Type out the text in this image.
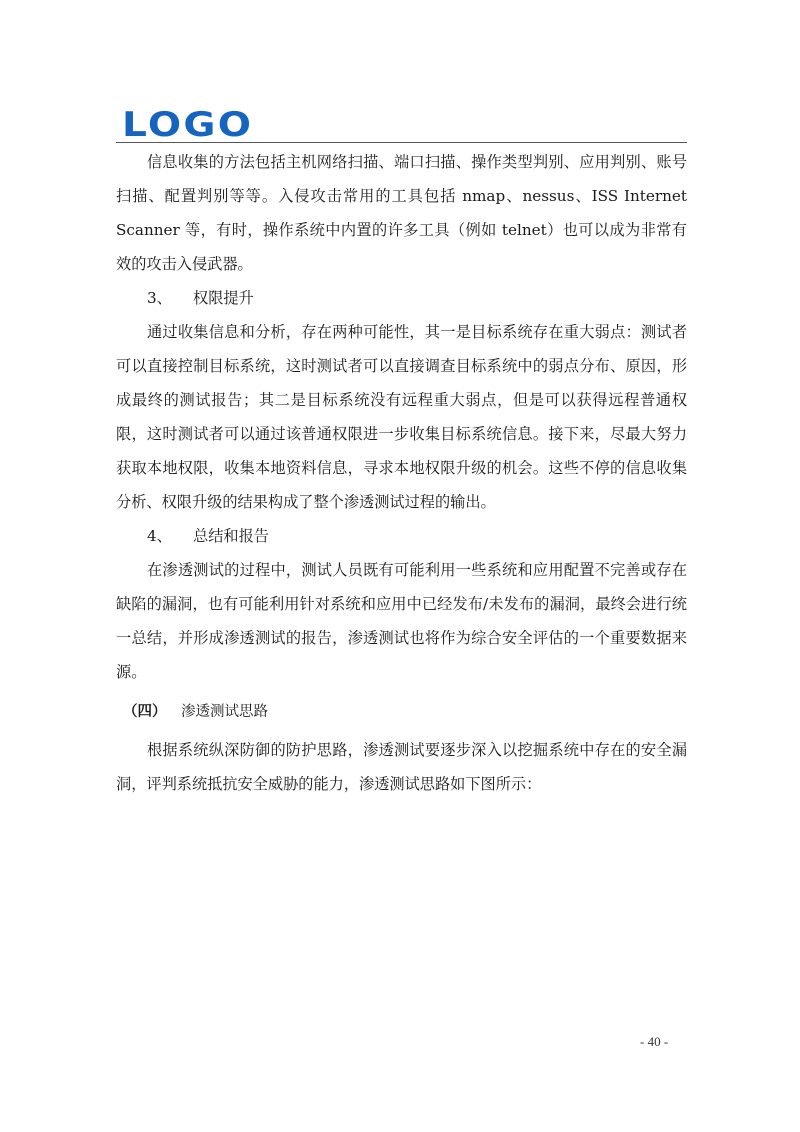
LOGO

信息收集的方法包括主机网络扫描、端口扫描、操作类型判别、应用判别、账号扫描、配置判别等等。入侵攻击常用的工具包括 nmap、nessus、ISS Internet Scanner 等，有时，操作系统中内置的许多工具（例如 telnet）也可以成为非常有效的攻击入侵武器。

3、 权限提升

通过收集信息和分析，存在两种可能性，其一是目标系统存在重大弱点：测试者可以直接控制目标系统，这时测试者可以直接调查目标系统中的弱点分布、原因，形成最终的测试报告；其二是目标系统没有远程重大弱点，但是可以获得远程普通权限，这时测试者可以通过该普通权限进一步收集目标系统信息。接下来，尽最大努力获取本地权限，收集本地资料信息，寻求本地权限升级的机会。这些不停的信息收集分析、权限升级的结果构成了整个渗透测试过程的输出。

4、 总结和报告

在渗透测试的过程中，测试人员既有可能利用一些系统和应用配置不完善或存在缺陷的漏洞，也有可能利用针对系统和应用中已经发布/未发布的漏洞，最终会进行统一总结，并形成渗透测试的报告，渗透测试也将作为综合安全评估的一个重要数据来源。

（四） 渗透测试思路

根据系统纵深防御的防护思路，渗透测试要逐步深入以挖掘系统中存在的安全漏洞，评判系统抵抗安全威胁的能力，渗透测试思路如下图所示：

- 40 -
